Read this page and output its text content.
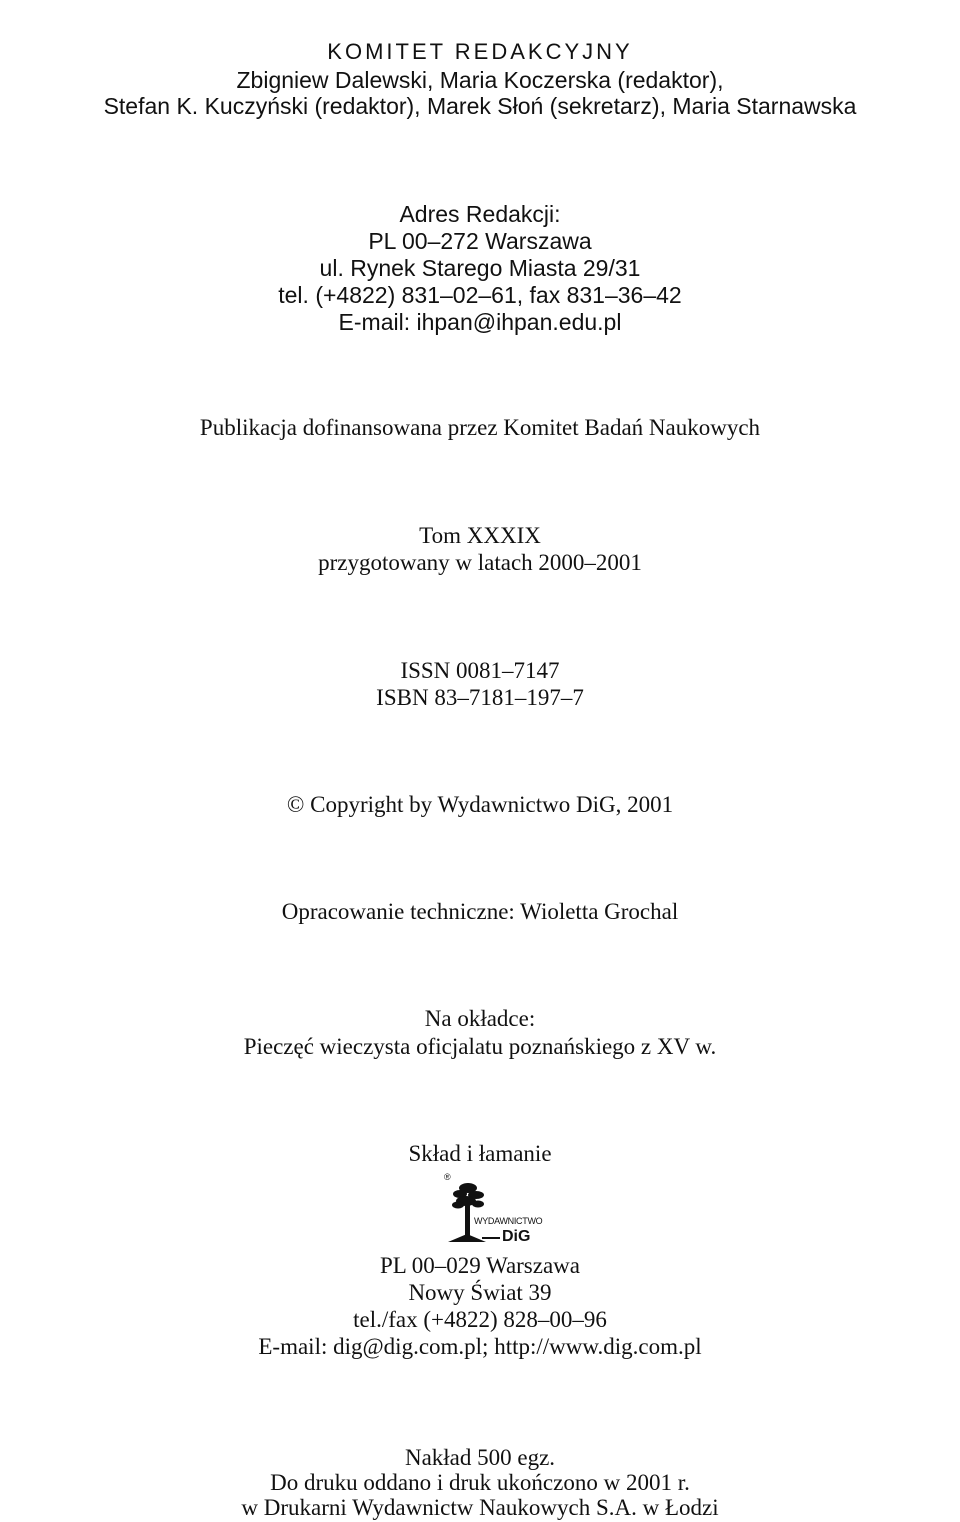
KOMITET REDAKCYJNY
Zbigniew Dalewski, Maria Koczerska (redaktor),
Stefan K. Kuczyński (redaktor), Marek Słoń (sekretarz), Maria Starnawska
Adres Redakcji:
PL 00–272 Warszawa
ul. Rynek Starego Miasta 29/31
tel. (+4822) 831–02–61, fax 831–36–42
E-mail: ihpan@ihpan.edu.pl
Publikacja dofinansowana przez Komitet Badań Naukowych
Tom XXXIX
przygotowany w latach 2000–2001
ISSN 0081–7147
ISBN 83–7181–197–7
© Copyright by Wydawnictwo DiG, 2001
Opracowanie techniczne: Wioletta Grochal
Na okładce:
Pieczęć wieczysta oficjalatu poznańskiego z XV w.
Skład i łamanie
®
WYDAWNICTWO
DiG
PL 00–029 Warszawa
Nowy Świat 39
tel./fax (+4822) 828–00–96
E-mail: dig@dig.com.pl; http://www.dig.com.pl
Nakład 500 egz.
Do druku oddano i druk ukończono w 2001 r.
w Drukarni Wydawnictw Naukowych S.A. w Łodzi
